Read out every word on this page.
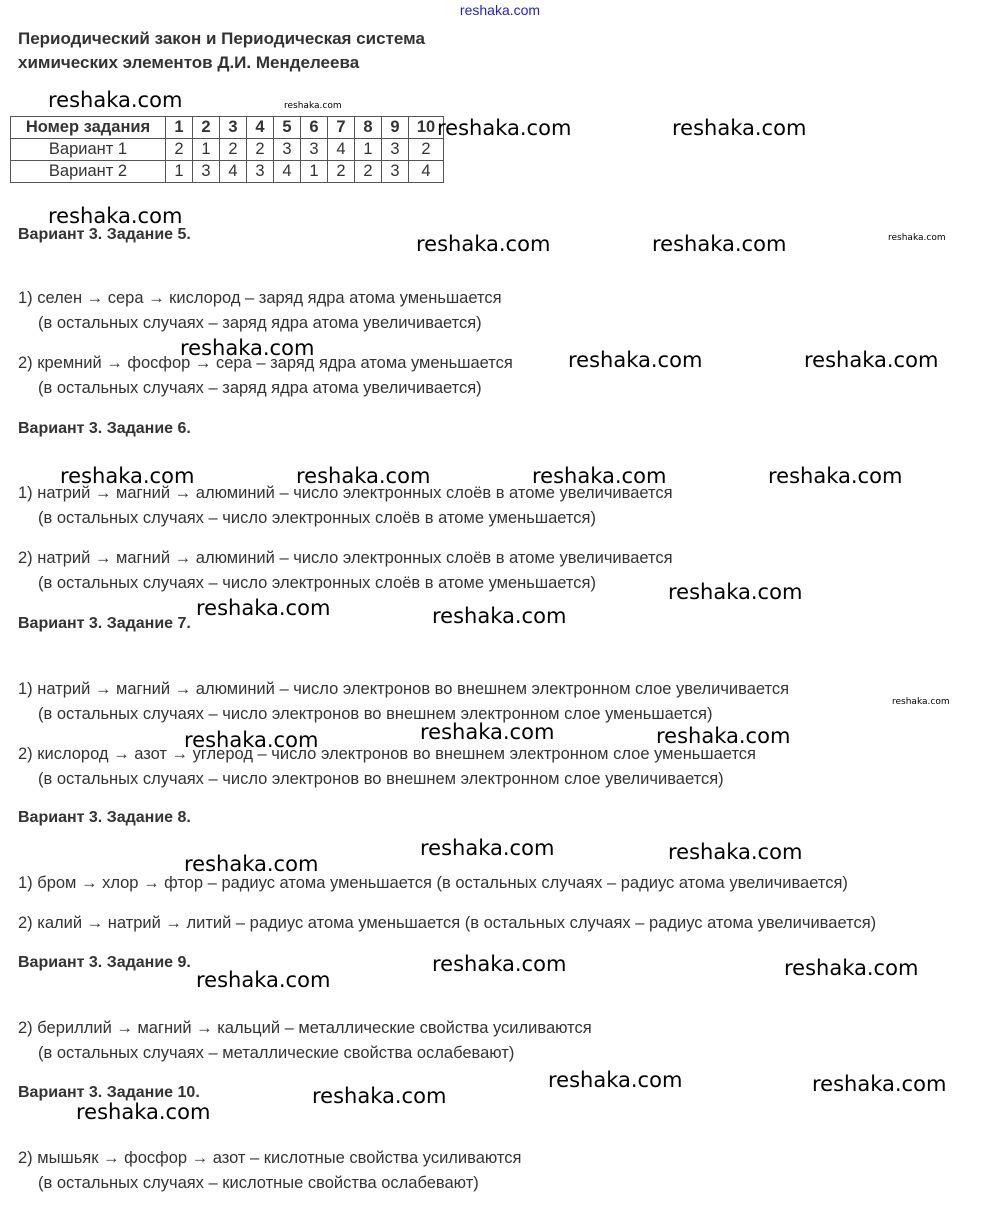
reshaka.com
Периодический закон и Периодическая система
химических элементов Д.И. Менделеева
Номер задания	1	2	3	4	5	6	7	8	9	10
Вариант 1	2	1	2	2	3	3	4	1	3	2
Вариант 2	1	3	4	3	4	1	2	2	3	4
Вариант 3. Задание 5.
1) селен → сера → кислород – заряд ядра атома уменьшается
(в остальных случаях – заряд ядра атома увеличивается)
2) кремний → фосфор → сера – заряд ядра атома уменьшается
(в остальных случаях – заряд ядра атома увеличивается)
Вариант 3. Задание 6.
1) натрий → магний → алюминий – число электронных слоёв в атоме увеличивается
(в остальных случаях – число электронных слоёв в атоме уменьшается)
2) натрий → магний → алюминий – число электронных слоёв в атоме увеличивается
(в остальных случаях – число электронных слоёв в атоме уменьшается)
Вариант 3. Задание 7.
1) натрий → магний → алюминий – число электронов во внешнем электронном слое увеличивается
(в остальных случаях – число электронов во внешнем электронном слое уменьшается)
2) кислород → азот → углерод – число электронов во внешнем электронном слое уменьшается
(в остальных случаях – число электронов во внешнем электронном слое увеличивается)
Вариант 3. Задание 8.
1) бром → хлор → фтор – радиус атома уменьшается (в остальных случаях – радиус атома увеличивается)
2) калий → натрий → литий – радиус атома уменьшается (в остальных случаях – радиус атома увеличивается)
Вариант 3. Задание 9.
2) бериллий → магний → кальций – металлические свойства усиливаются
(в остальных случаях – металлические свойства ослабевают)
Вариант 3. Задание 10.
2) мышьяк → фосфор → азот – кислотные свойства усиливаются
(в остальных случаях – кислотные свойства ослабевают)
reshaka.com
reshaka.com	reshaka.com
reshaka.com
reshaka.com	reshaka.com
reshaka.com	reshaka.com	reshaka.com
reshaka.com	reshaka.com	reshaka.com	reshaka.com
reshaka.com
reshaka.com	reshaka.com
reshaka.com	reshaka.com	reshaka.com
reshaka.com
reshaka.com	reshaka.com
reshaka.com
reshaka.com	reshaka.com
reshaka.com	reshaka.com
reshaka.com
reshaka.com
reshaka.com
reshaka.com
reshaka.com
